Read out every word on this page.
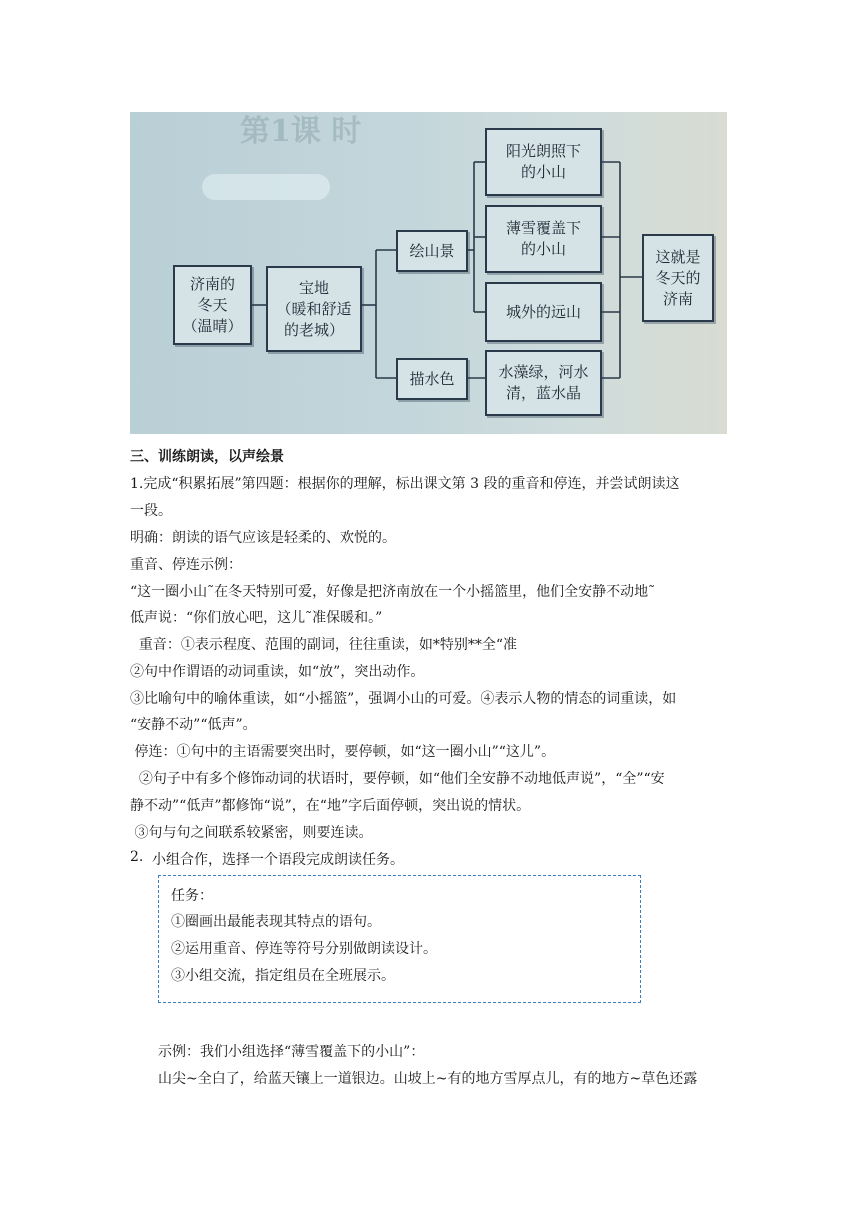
第1课 时
济南的
冬天
（温晴）
宝地
（暖和舒适
的老城）
绘山景
描水色
阳光朗照下
的小山
薄雪覆盖下
的小山
城外的远山
水藻绿，河水
清，蓝水晶
这就是
冬天的
济南
三、训练朗读，以声绘景
1.完成“积累拓展”第四题：根据你的理解，标出课文第 3 段的重音和停连，并尝试朗读这
一段。
明确：朗读的语气应该是轻柔的、欢悦的。
重音、停连示例：
“这一圈小山˜在冬天特别可爱，好像是把济南放在一个小摇篮里，他们全安静不动地˜
低声说：“你们放心吧，这儿˜准保暖和。”
重音：①表示程度、范围的副词，往往重读，如*特别**全“准
②句中作谓语的动词重读，如“放”，突出动作。
③比喻句中的喻体重读，如“小摇篮”，强调小山的可爱。④表示人物的情态的词重读，如
“安静不动”“低声”。
停连：①句中的主语需要突出时，要停顿，如“这一圈小山”“这儿”。
②句子中有多个修饰动词的状语时，要停顿，如“他们全安静不动地低声说”，“全”“安
静不动”“低声”都修饰“说”，在“地”字后面停顿，突出说的情状。
③句与句之间联系较紧密，则要连读。
2. 小组合作，选择一个语段完成朗读任务。
任务：
①圈画出最能表现其特点的语句。
②运用重音、停连等符号分别做朗读设计。
③小组交流，指定组员在全班展示。
示例：我们小组选择“薄雪覆盖下的小山”：
山尖~全白了，给蓝天镶上一道银边。山坡上~有的地方雪厚点儿，有的地方~草色还露
